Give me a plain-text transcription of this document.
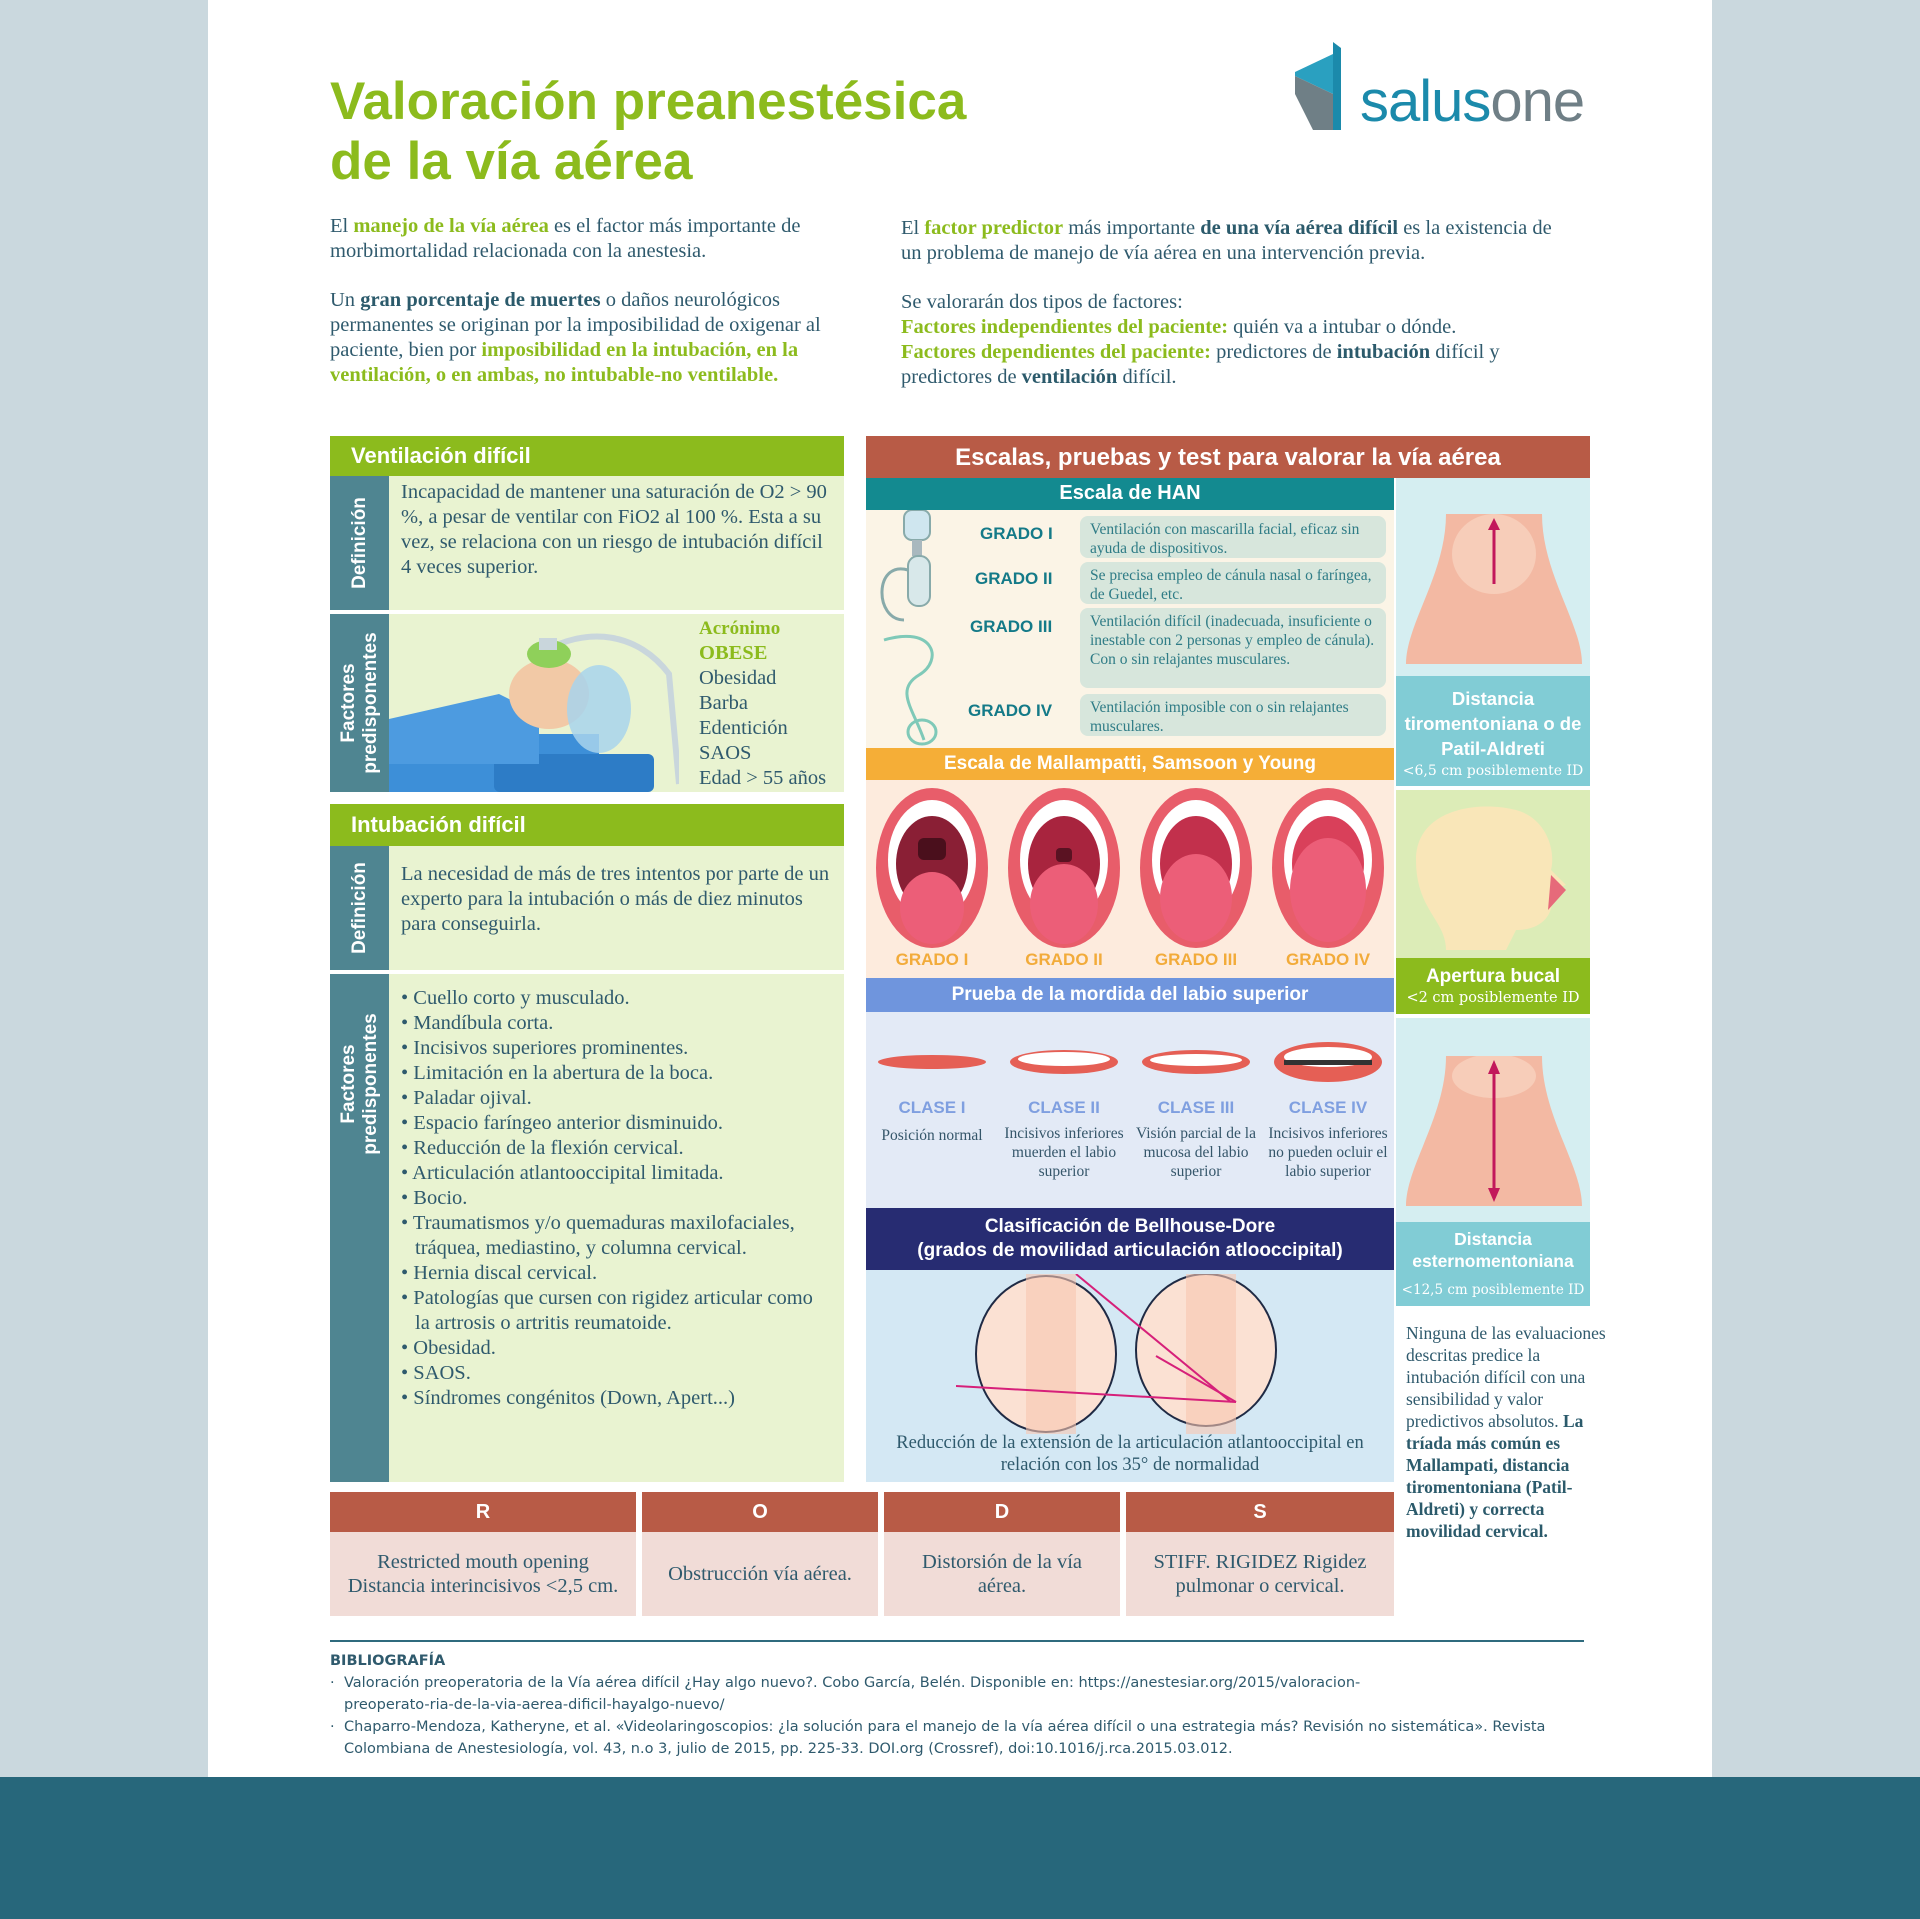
Valoración preanestésica
de la vía aérea
salusone

El manejo de la vía aérea es el factor más importante de morbimortalidad relacionada con la anestesia.

Un gran porcentaje de muertes o daños neurológicos permanentes se originan por la imposibilidad de oxigenar al paciente, bien por imposibilidad en la intubación, en la ventilación, o en ambas, no intubable-no ventilable.

El factor predictor más importante de una vía aérea difícil es la existencia de un problema de manejo de vía aérea en una intervención previa.

Se valorarán dos tipos de factores:

Factores independientes del paciente: quién va a intubar o dónde.

Factores dependientes del paciente: predictores de intubación difícil y predictores de ventilación difícil.

Ventilación difícil
Definición
Incapacidad de mantener una saturación de O2 > 90 %, a pesar de ventilar con FiO2 al 100 %. Esta a su vez, se relaciona con un riesgo de intubación difícil 4 veces superior.
Factores
predisponentes
Acrónimo
OBESE
Obesidad
Barba
Edentición
SAOS
Edad > 55 años
Intubación difícil
Definición	La necesidad de más de tres intentos por parte de un experto para la intubación o más de diez minutos para conseguirla.
Factores
predisponentes
• Cuello corto y musculado.
• Mandíbula corta.
• Incisivos superiores prominentes.
• Limitación en la abertura de la boca.
• Paladar ojival.
• Espacio faríngeo anterior disminuido.
• Reducción de la flexión cervical.
• Articulación atlantooccipital limitada.
• Bocio.
• Traumatismos y/o quemaduras maxilofaciales, tráquea, mediastino, y columna cervical.
• Hernia discal cervical.
• Patologías que cursen con rigidez articular como la artrosis o artritis reumatoide.
• Obesidad.
• SAOS.
• Síndromes congénitos (Down, Apert...)
Escalas, pruebas y test para valorar la vía aérea
Escala de HAN
GRADO I	Ventilación con mascarilla facial, eficaz sin ayuda de dispositivos.
GRADO II	Se precisa empleo de cánula nasal o faríngea, de Guedel, etc.
GRADO III	Ventilación difícil (inadecuada, insuficiente o inestable con 2 personas y empleo de cánula). Con o sin relajantes musculares.
GRADO IV	Ventilación imposible con o sin relajantes musculares.
Escala de Mallampatti, Samsoon y Young
GRADO I	GRADO II	GRADO III	GRADO IV
Prueba de la mordida del labio superior
CLASE I
Posición normal
CLASE II
Incisivos inferiores muerden el labio superior
CLASE III
Visión parcial de la mucosa del labio superior
CLASE IV
Incisivos inferiores no pueden ocluir el labio superior
Clasificación de Bellhouse-Dore
(grados de movilidad articulación atlooccipital)
Reducción de la extensión de la articulación atlantooccipital en relación con los 35° de normalidad
Distancia tiromentoniana o de Patil-Aldreti
<6,5 cm posiblemente ID
Apertura bucal
<2 cm posiblemente ID
Distancia esternomentoniana
<12,5 cm posiblemente ID
Ninguna de las evaluaciones descritas predice la intubación difícil con una sensibilidad y valor predictivos absolutos. La tríada más común es Mallampati, distancia tiromentoniana (Patil-Aldreti) y correcta movilidad cervical.
R
Restricted mouth opening Distancia interincisivos <2,5 cm.
O
Obstrucción vía aérea.
D
Distorsión de la vía aérea.
S
STIFF. RIGIDEZ Rigidez pulmonar o cervical.
BIBLIOGRAFÍA
· Valoración preoperatoria de la Vía aérea difícil ¿Hay algo nuevo?. Cobo García, Belén. Disponible en: https://anestesiar.org/2015/valoracion-preoperato-ria-de-la-via-aerea-dificil-hayalgo-nuevo/
· Chaparro-Mendoza, Katheryne, et al. «Videolaringoscopios: ¿la solución para el manejo de la vía aérea difícil o una estrategia más? Revisión no sistemática». Revista Colombiana de Anestesiología, vol. 43, n.o 3, julio de 2015, pp. 225-33. DOI.org (Crossref), doi:10.1016/j.rca.2015.03.012.
